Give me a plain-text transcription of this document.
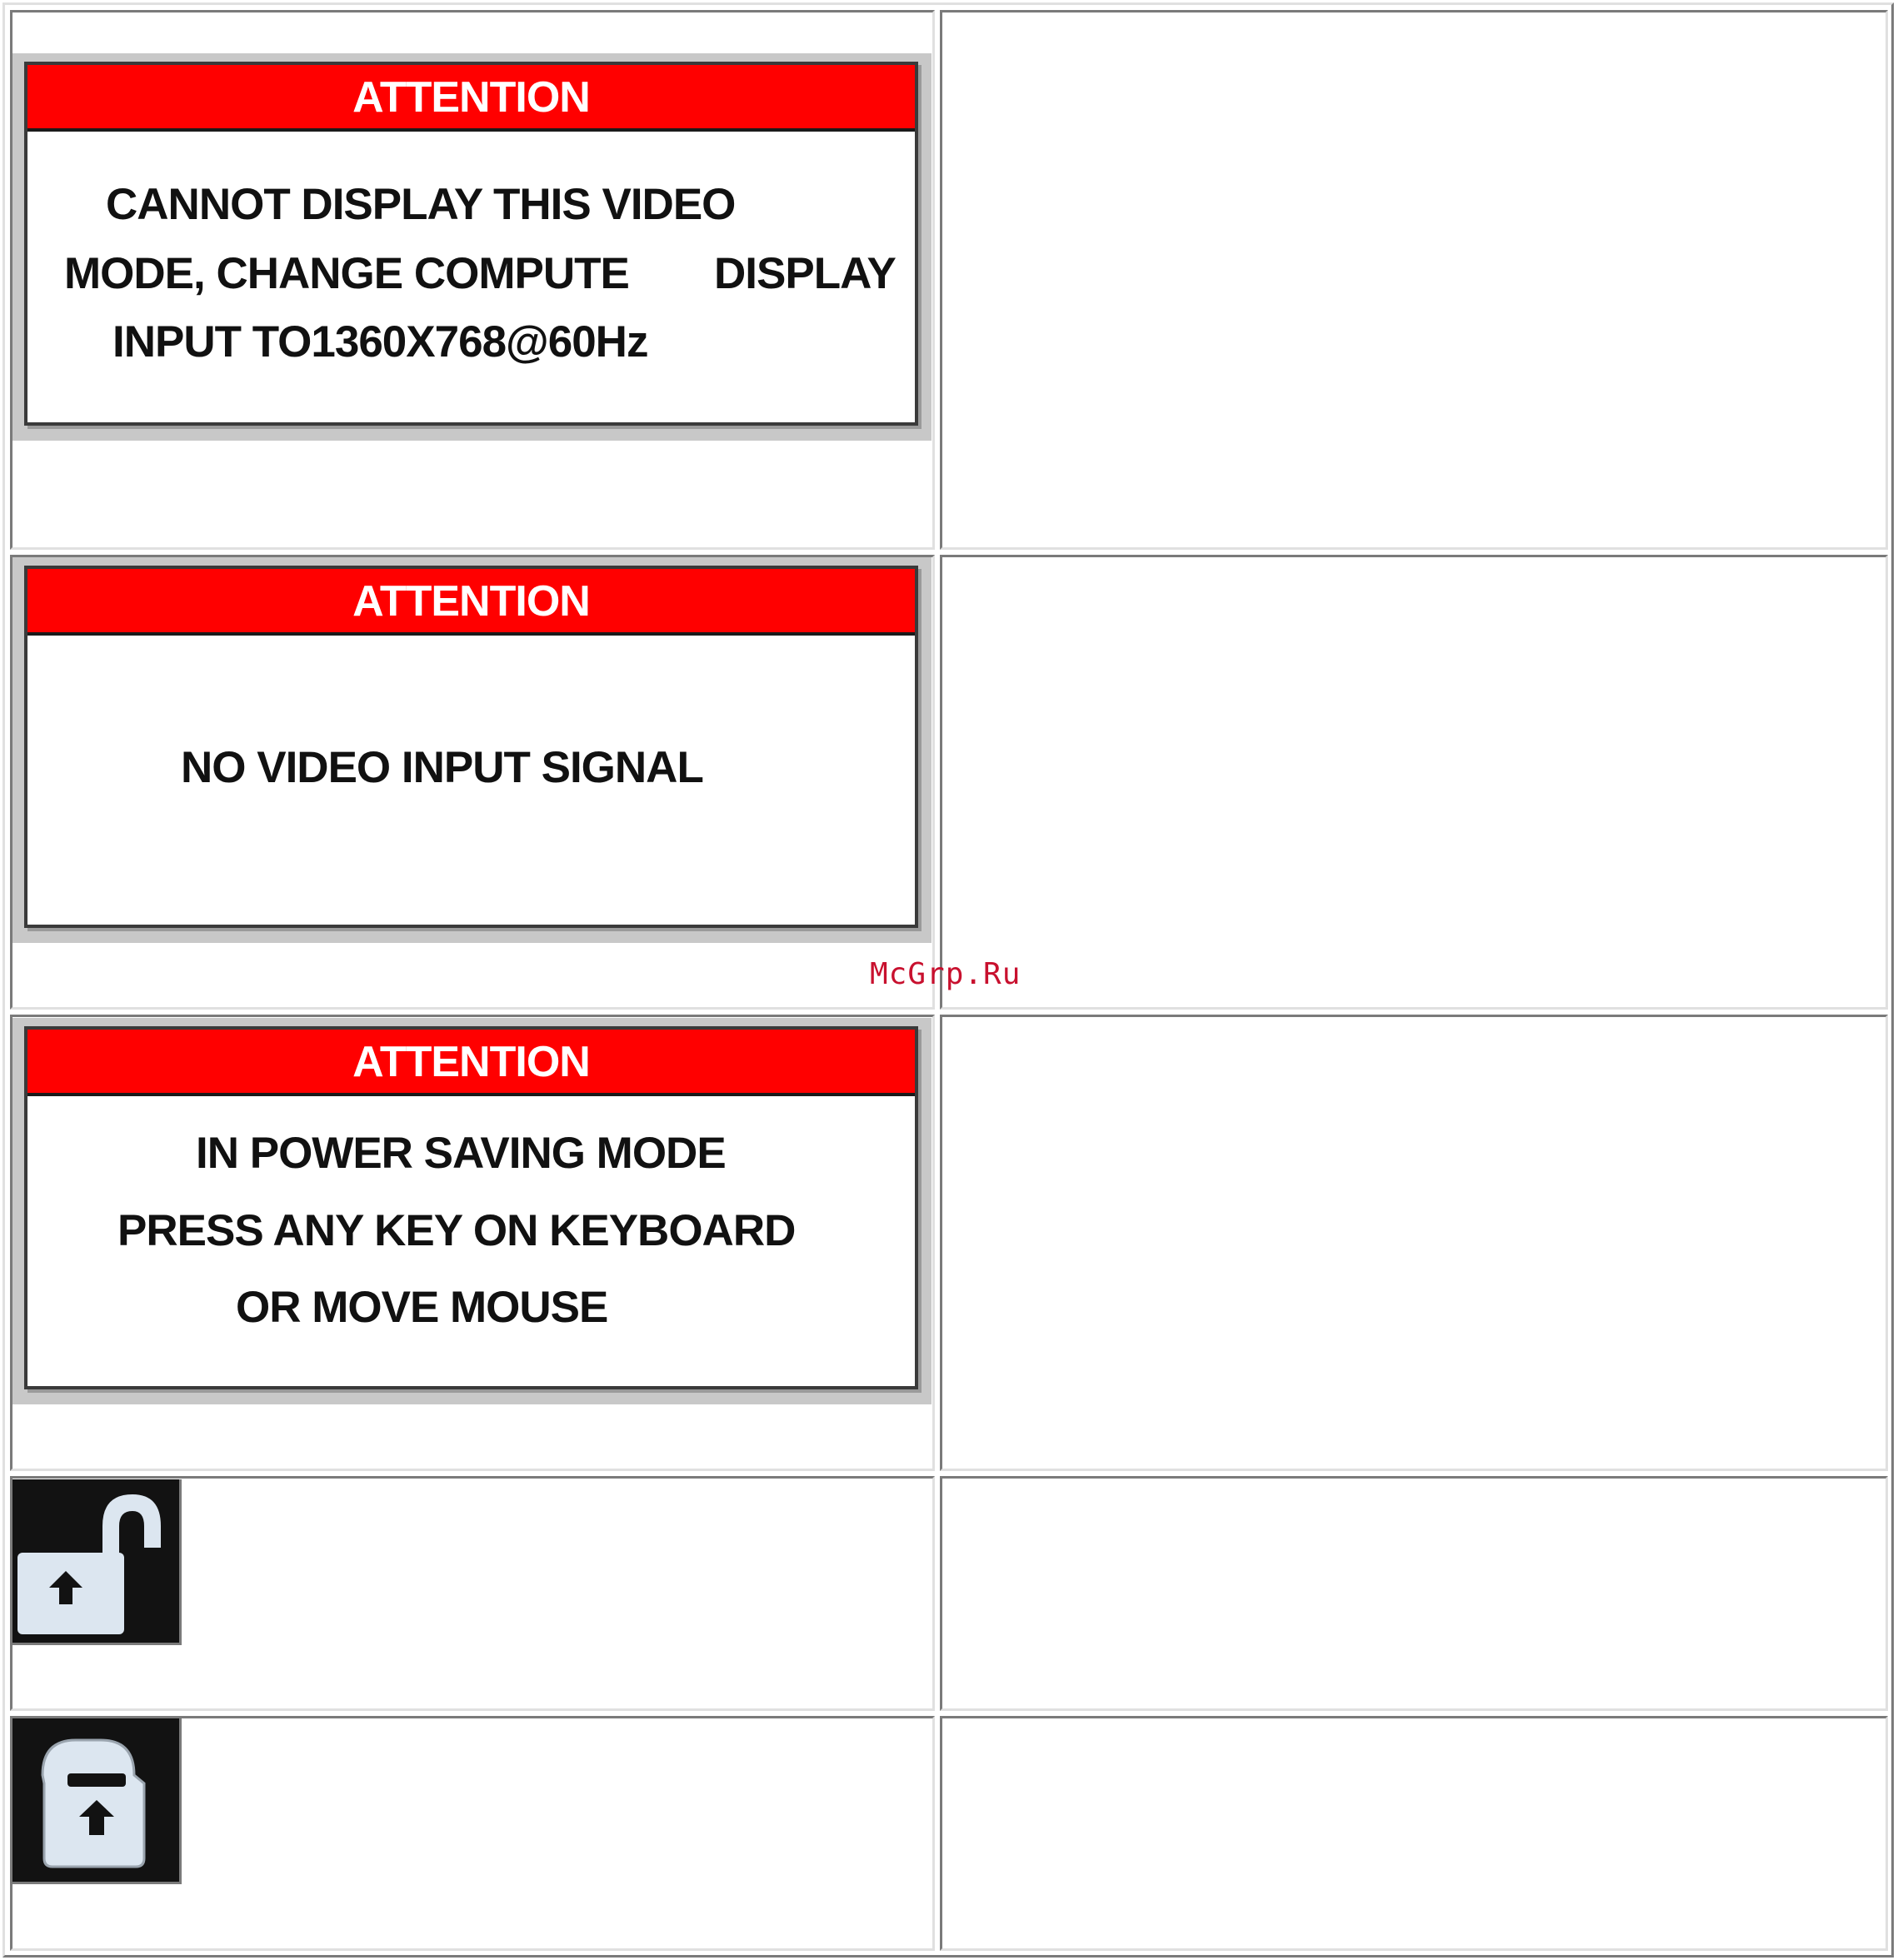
ATTENTION
CANNOT DISPLAY THIS VIDEO
MODE, CHANGE COMPUTE DISPLAY
INPUT TO1360X768@60Hz
ATTENTION
NO VIDEO INPUT SIGNAL
ATTENTION
IN POWER SAVING MODE
PRESS ANY KEY ON KEYBOARD
OR MOVE MOUSE
McGrp.Ru
